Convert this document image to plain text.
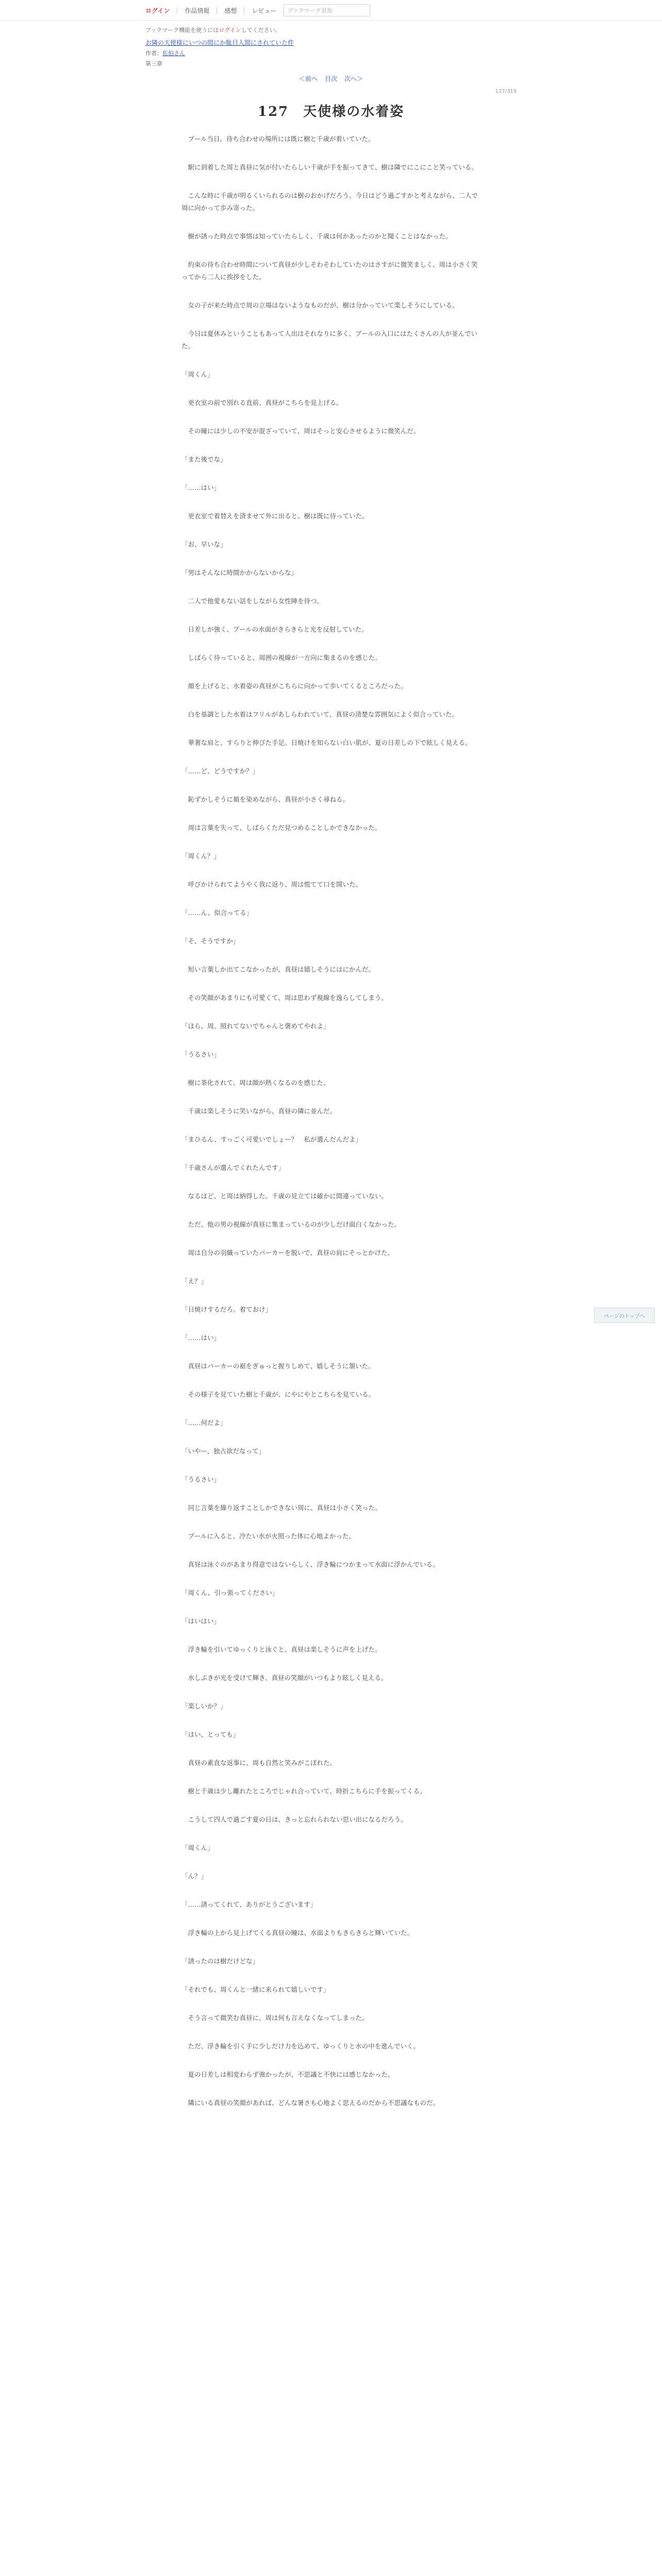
ログイン 作品情報 感想 レビュー ブックマーク追加
ブックマーク機能を使うにはログインしてください。
お隣の天使様にいつの間にか駄目人間にされていた件
作者：佐伯さん
第三章
＜前へ 目次 次へ＞
127/319
127　天使様の水着姿

　プール当日。待ち合わせの場所には既に樹と千歳が着いていた。

　駅に到着した周と真昼に気が付いたらしい千歳が手を振ってきて、樹は隣でにこにこと笑っている。

　こんな時に千歳が明るくいられるのは樹のおかげだろう。今日はどう過ごすかと考えながら、二人で周に向かって歩み寄った。

　樹が誘った時点で事情は知っていたらしく、千歳は何かあったのかと聞くことはなかった。

　約束の待ち合わせ時間について真昼が少しそわそわしていたのはさすがに微笑ましく、周は小さく笑ってから二人に挨拶をした。

　女の子が来た時点で周の立場はないようなものだが、樹は分かっていて楽しそうにしている。

　今日は夏休みということもあって人出はそれなりに多く、プールの入口にはたくさんの人が並んでいた。

「周くん」

　更衣室の前で別れる直前、真昼がこちらを見上げる。

　その瞳には少しの不安が混ざっていて、周はそっと安心させるように微笑んだ。

「また後でな」

「……はい」

　更衣室で着替えを済ませて外に出ると、樹は既に待っていた。

「お、早いな」

「男はそんなに時間かからないからな」

　二人で他愛もない話をしながら女性陣を待つ。

　日差しが強く、プールの水面がきらきらと光を反射していた。

　しばらく待っていると、周囲の視線が一方向に集まるのを感じた。

　顔を上げると、水着姿の真昼がこちらに向かって歩いてくるところだった。

　白を基調とした水着はフリルがあしらわれていて、真昼の清楚な雰囲気によく似合っていた。

　華奢な肩と、すらりと伸びた手足。日焼けを知らない白い肌が、夏の日差しの下で眩しく見える。

「……ど、どうですか？」

　恥ずかしそうに頬を染めながら、真昼が小さく尋ねる。

　周は言葉を失って、しばらくただ見つめることしかできなかった。

「周くん？」

　呼びかけられてようやく我に返り、周は慌てて口を開いた。

「……ん、似合ってる」

「そ、そうですか」

　短い言葉しか出てこなかったが、真昼は嬉しそうにはにかんだ。

　その笑顔があまりにも可愛くて、周は思わず視線を逸らしてしまう。

「ほら、周。照れてないでちゃんと褒めてやれよ」

「うるさい」

　樹に茶化されて、周は顔が熱くなるのを感じた。

　千歳は楽しそうに笑いながら、真昼の隣に並んだ。

「まひるん、すっごく可愛いでしょー？　私が選んだんだよ」

「千歳さんが選んでくれたんです」

　なるほど、と周は納得した。千歳の見立ては確かに間違っていない。

　ただ、他の男の視線が真昼に集まっているのが少しだけ面白くなかった。

　周は自分の羽織っていたパーカーを脱いで、真昼の肩にそっとかけた。

「え？」

「日焼けするだろ。着ておけ」

「……はい」

　真昼はパーカーの裾をぎゅっと握りしめて、嬉しそうに頷いた。

　その様子を見ていた樹と千歳が、にやにやとこちらを見ている。

「……何だよ」

「いやー、独占欲だなって」

「うるさい」

　同じ言葉を繰り返すことしかできない周に、真昼は小さく笑った。

　プールに入ると、冷たい水が火照った体に心地よかった。

　真昼は泳ぐのがあまり得意ではないらしく、浮き輪につかまって水面に浮かんでいる。

「周くん、引っ張ってください」

「はいはい」

　浮き輪を引いてゆっくりと泳ぐと、真昼は楽しそうに声を上げた。

　水しぶきが光を受けて輝き、真昼の笑顔がいつもより眩しく見える。

「楽しいか？」

「はい、とっても」

　真昼の素直な返事に、周も自然と笑みがこぼれた。

　樹と千歳は少し離れたところでじゃれ合っていて、時折こちらに手を振ってくる。

　こうして四人で過ごす夏の日は、きっと忘れられない思い出になるだろう。

「周くん」

「ん？」

「……誘ってくれて、ありがとうございます」

　浮き輪の上から見上げてくる真昼の瞳は、水面よりもきらきらと輝いていた。

「誘ったのは樹だけどな」

「それでも、周くんと一緒に来られて嬉しいです」

　そう言って微笑む真昼に、周は何も言えなくなってしまった。

　ただ、浮き輪を引く手に少しだけ力を込めて、ゆっくりと水の中を進んでいく。

　夏の日差しは相変わらず強かったが、不思議と不快には感じなかった。

　隣にいる真昼の笑顔があれば、どんな暑さも心地よく思えるのだから不思議なものだ。

ページのトップへ
